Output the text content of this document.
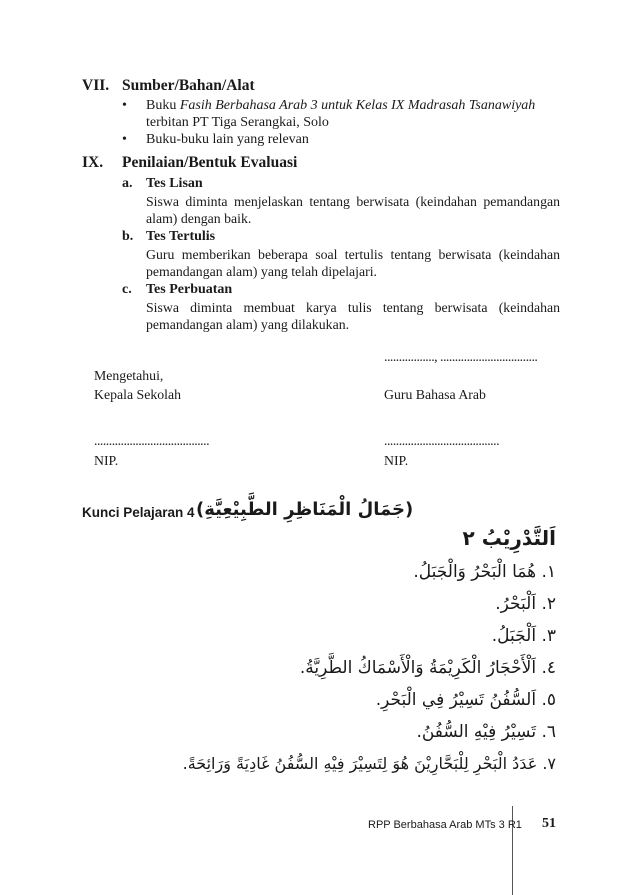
VII. Sumber/Bahan/Alat
• Buku Fasih Berbahasa Arab 3 untuk Kelas IX Madrasah Tsanawiyah
terbitan PT Tiga Serangkai, Solo
• Buku-buku lain yang relevan
IX. Penilaian/Bentuk Evaluasi
a. Tes Lisan
Siswa diminta menjelaskan tentang berwisata (keindahan pemandangan
alam) dengan baik.
b. Tes Tertulis
Guru memberikan beberapa soal tertulis tentang berwisata (keindahan
pemandangan alam) yang telah dipelajari.
c. Tes Perbuatan
Siswa diminta membuat karya tulis tentang berwisata (keindahan
pemandangan alam) yang dilakukan.
................., .................................
Mengetahui,
Kepala Sekolah	Guru Bahasa Arab
.......................................	.......................................
NIP.	NIP.
Kunci Pelajaran 4 (جَمَالُ الْمَنَاظِرِ الطَّبِيْعِيَّةِ)
اَلتَّدْرِيْبُ ٢
١. هُمَا الْبَحْرُ وَالْجَبَلُ.
٢. اَلْبَحْرُ.
٣. اَلْجَبَلُ.
٤. اَلْأَحْجَارُ الْكَرِيْمَةُ وَالْأَسْمَاكُ الطَّرِيَّةُ.
٥. اَلسُّفُنُ تَسِيْرُ فِي الْبَحْرِ.
٦. تَسِيْرُ فِيْهِ السُّفُنُ.
٧. عَدَدُ الْبَحْرِ لِلْبَحَّارِيْنَ هُوَ لِتَسِيْرَ فِيْهِ السُّفُنُ غَادِيَةً وَرَائِحَةً.
RPP Berbahasa Arab MTs 3 R1 51
